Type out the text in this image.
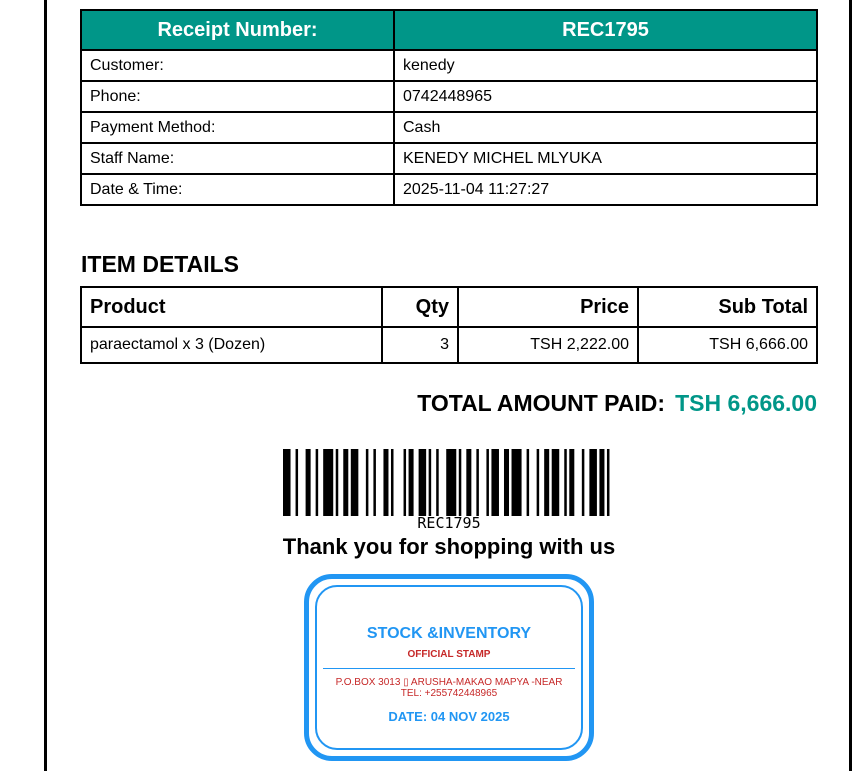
Receipt Number:	REC1795
Customer:	kenedy
Phone:	0742448965
Payment Method:	Cash
Staff Name:	KENEDY MICHEL MLYUKA
Date & Time:	2025-11-04 11:27:27
ITEM DETAILS
Product	Qty	Price	Sub Total
paraectamol x 3 (Dozen)	3	TSH 2,222.00	TSH 6,666.00
TOTAL AMOUNT PAID: TSH 6,666.00
REC1795
Thank you for shopping with us
STOCK &INVENTORY
OFFICIAL STAMP
P.O.BOX 3013 ▯ ARUSHA-MAKAO MAPYA -NEAR
TEL: +255742448965
DATE: 04 NOV 2025
